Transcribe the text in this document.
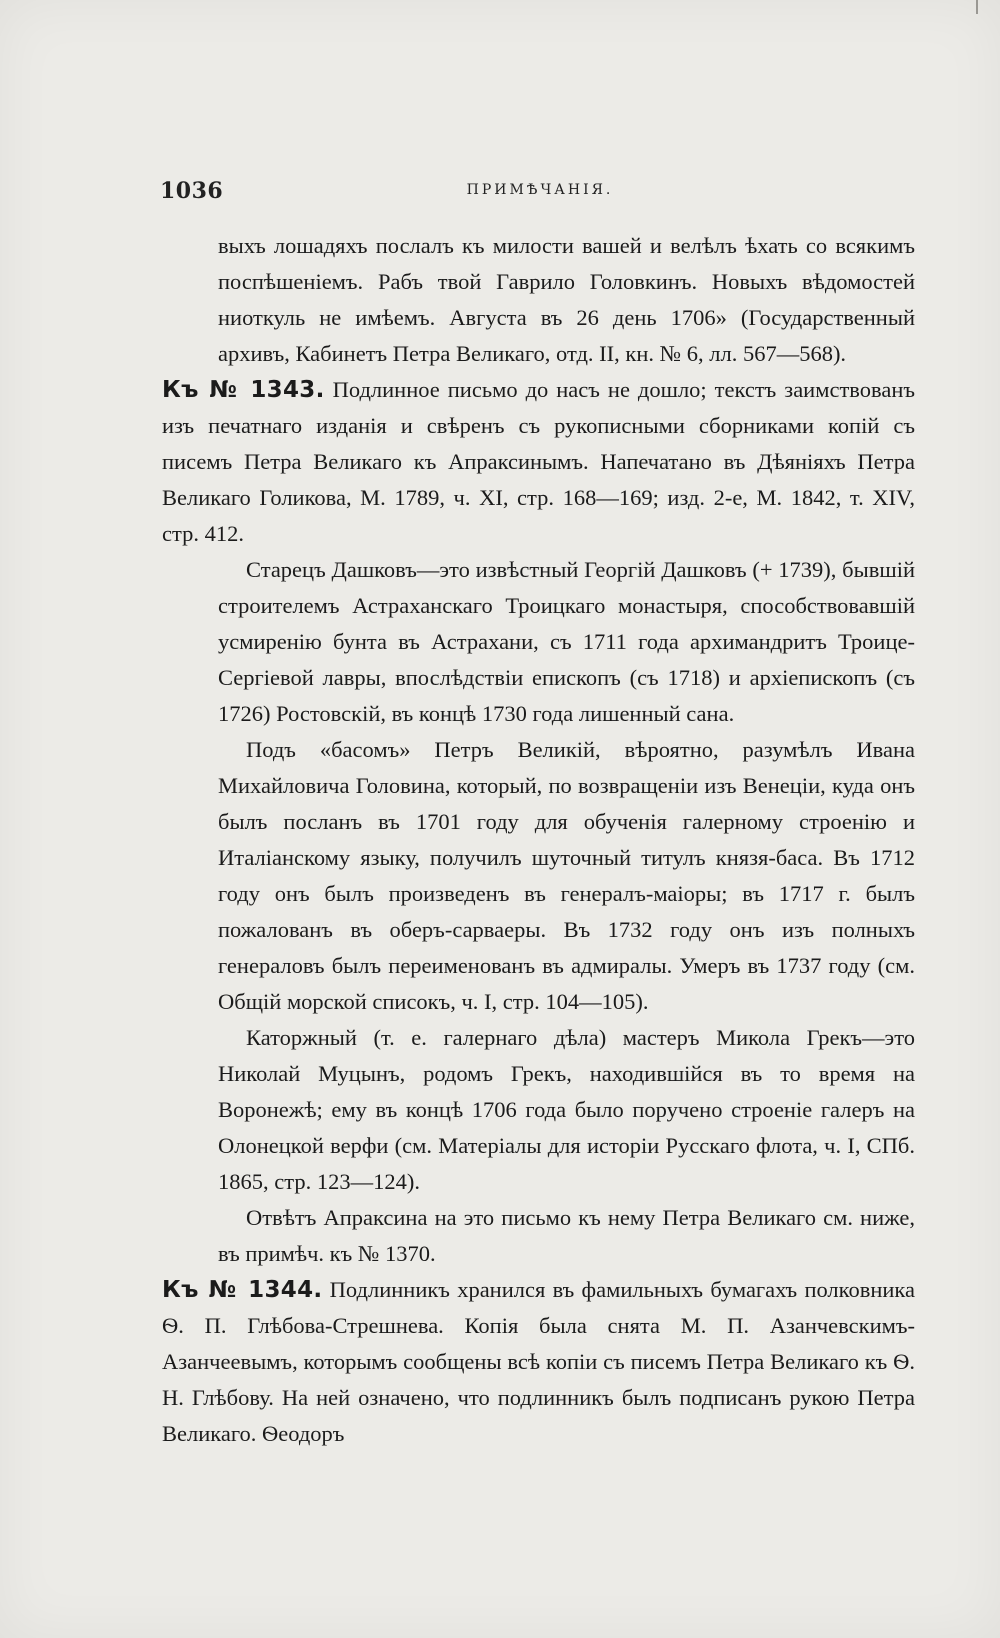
1036	ПРИМѢЧАНІЯ.

выхъ лошадяхъ послалъ къ милости вашей и велѣлъ ѣхать со всякимъ поспѣшеніемъ. Рабъ твой Гаврило Головкинъ. Новыхъ вѣдомостей ниоткуль не имѣемъ. Августа въ 26 день 1706» (Государственный архивъ, Кабинетъ Петра Великаго, отд. II, кн. № 6, лл. 567—568).

Къ № 1343. Подлинное письмо до насъ не дошло; текстъ заимствованъ изъ печатнаго изданія и свѣренъ съ рукописными сборниками копій съ писемъ Петра Великаго къ Апраксинымъ. Напечатано въ Дѣяніяхъ Петра Великаго Голикова, М. 1789, ч. XI, стр. 168—169; изд. 2-е, М. 1842, т. XIV, стр. 412.

Старецъ Дашковъ—это извѣстный Георгій Дашковъ (+ 1739), бывшій строителемъ Астраханскаго Троицкаго монастыря, способствовавшій усмиренію бунта въ Астрахани, съ 1711 года архимандритъ Троице-Сергіевой лавры, впослѣдствіи епископъ (съ 1718) и архіепископъ (съ 1726) Ростовскій, въ концѣ 1730 года лишенный сана.

Подъ «басомъ» Петръ Великій, вѣроятно, разумѣлъ Ивана Михайловича Головина, который, по возвращеніи изъ Венеціи, куда онъ былъ посланъ въ 1701 году для обученія галерному строенію и Италіанскому языку, получилъ шуточный титулъ князя-баса. Въ 1712 году онъ былъ произведенъ въ генералъ-маіоры; въ 1717 г. былъ пожалованъ въ оберъ-сарваеры. Въ 1732 году онъ изъ полныхъ генераловъ былъ переименованъ въ адмиралы. Умеръ въ 1737 году (см. Общій морской списокъ, ч. I, стр. 104—105).

Каторжный (т. е. галернаго дѣла) мастеръ Микола Грекъ—это Николай Муцынъ, родомъ Грекъ, находившійся въ то время на Воронежѣ; ему въ концѣ 1706 года было поручено строеніе галеръ на Олонецкой верфи (см. Матеріалы для исторіи Русскаго флота, ч. I, СПб. 1865, стр. 123—124).

Отвѣтъ Апраксина на это письмо къ нему Петра Великаго см. ниже, въ примѣч. къ № 1370.

Къ № 1344. Подлинникъ хранился въ фамильныхъ бумагахъ полковника Ѳ. П. Глѣбова-Стрешнева. Копія была снята М. П. Азанчевскимъ-Азанчеевымъ, которымъ сообщены всѣ копіи съ писемъ Петра Великаго къ Ѳ. Н. Глѣбову. На ней означено, что подлинникъ былъ подписанъ рукою Петра Великаго. Ѳеодоръ
